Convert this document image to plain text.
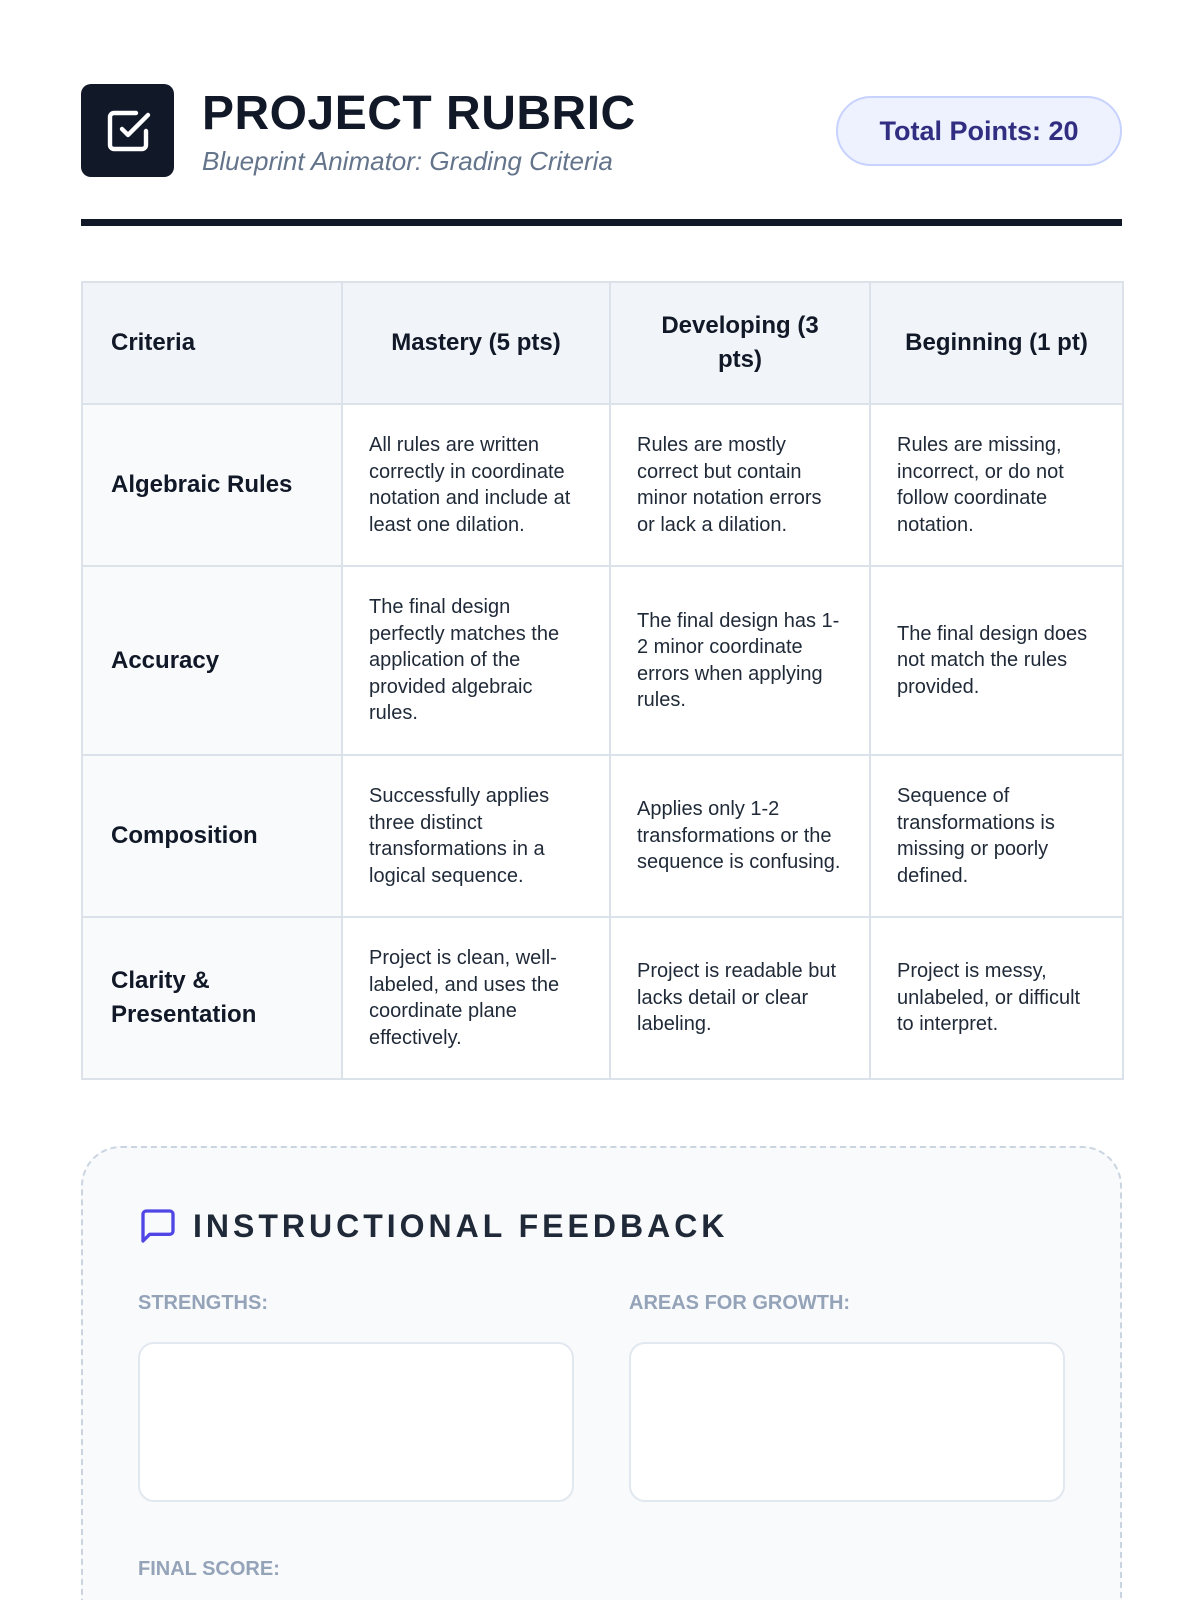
PROJECT RUBRIC
Blueprint Animator: Grading Criteria
Total Points: 20
Criteria	Mastery (5 pts)	Developing (3 pts)	Beginning (1 pt)
Algebraic Rules	All rules are written correctly in coordinate notation and include at least one dilation.	Rules are mostly correct but contain minor notation errors or lack a dilation.	Rules are missing, incorrect, or do not follow coordinate notation.
Accuracy	The final design perfectly matches the application of the provided algebraic rules.	The final design has 1-2 minor coordinate errors when applying rules.	The final design does not match the rules provided.
Composition	Successfully applies three distinct transformations in a logical sequence.	Applies only 1-2 transformations or the sequence is confusing.	Sequence of transformations is missing or poorly defined.
Clarity & Presentation	Project is clean, well-labeled, and uses the coordinate plane effectively.	Project is readable but lacks detail or clear labeling.	Project is messy, unlabeled, or difficult to interpret.
INSTRUCTIONAL FEEDBACK
STRENGTHS:	AREAS FOR GROWTH:
FINAL SCORE:
